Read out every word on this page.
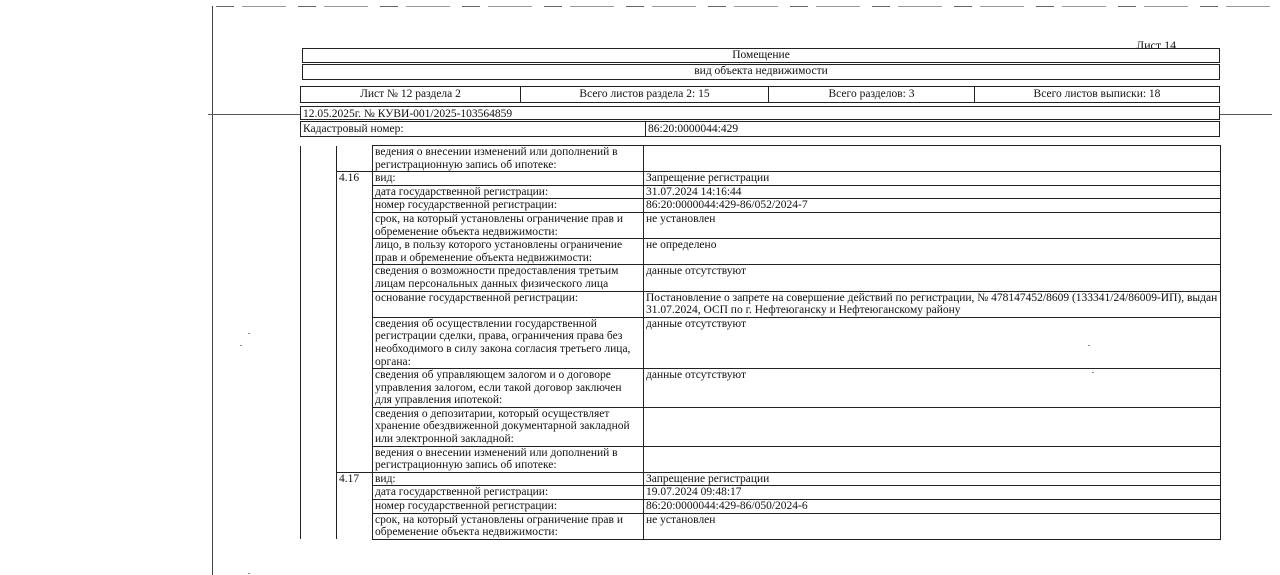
Лист 14
Помещение
вид объекта недвижимости
Лист № 12 раздела 2	Всего листов раздела 2: 15	Всего разделов: 3	Всего листов выписки: 18
12.05.2025г. № КУВИ-001/2025-103564859
Кадастровый номер:	86:20:0000044:429
		ведения о внесении изменений или дополнений в регистрационную запись об ипотеке:	
	4.16	вид:	Запрещение регистрации
		дата государственной регистрации:	31.07.2024 14:16:44
		номер государственной регистрации:	86:20:0000044:429-86/052/2024-7
		срок, на который установлены ограничение прав и обременение объекта недвижимости:	не установлен
		лицо, в пользу которого установлены ограничение прав и обременение объекта недвижимости:	не определено
		сведения о возможности предоставления третьим лицам персональных данных физического лица	данные отсутствуют
		основание государственной регистрации:	Постановление о запрете на совершение действий по регистрации, № 478147452/8609 (133341/24/86009-ИП), выдан 31.07.2024, ОСП по г. Нефтеюганску и Нефтеюганскому району
		сведения об осуществлении государственной регистрации сделки, права, ограничения права без необходимого в силу закона согласия третьего лица, органа:	данные отсутствуют
		сведения об управляющем залогом и о договоре управления залогом, если такой договор заключен для управления ипотекой:	данные отсутствуют
		сведения о депозитарии, который осуществляет хранение обездвиженной документарной закладной или электронной закладной:	
		ведения о внесении изменений или дополнений в регистрационную запись об ипотеке:	
	4.17	вид:	Запрещение регистрации
		дата государственной регистрации:	19.07.2024 09:48:17
		номер государственной регистрации:	86:20:0000044:429-86/050/2024-6
		срок, на который установлены ограничение прав и обременение объекта недвижимости:	не установлен
